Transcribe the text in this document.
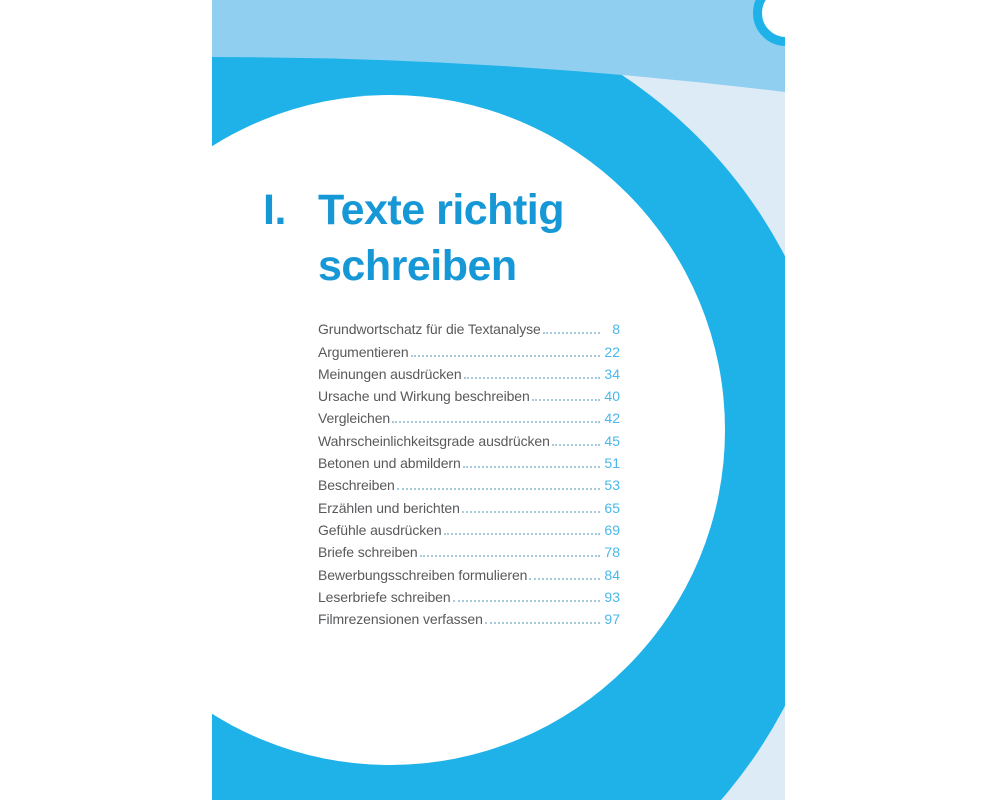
I. Texte richtig
schreiben
Grundwortschatz für die Textanalyse	8
Argumentieren	22
Meinungen ausdrücken	34
Ursache und Wirkung beschreiben	40
Vergleichen	42
Wahrscheinlichkeitsgrade ausdrücken	45
Betonen und abmildern	51
Beschreiben	53
Erzählen und berichten	65
Gefühle ausdrücken	69
Briefe schreiben	78
Bewerbungsschreiben formulieren	84
Leserbriefe schreiben	93
Filmrezensionen verfassen	97
